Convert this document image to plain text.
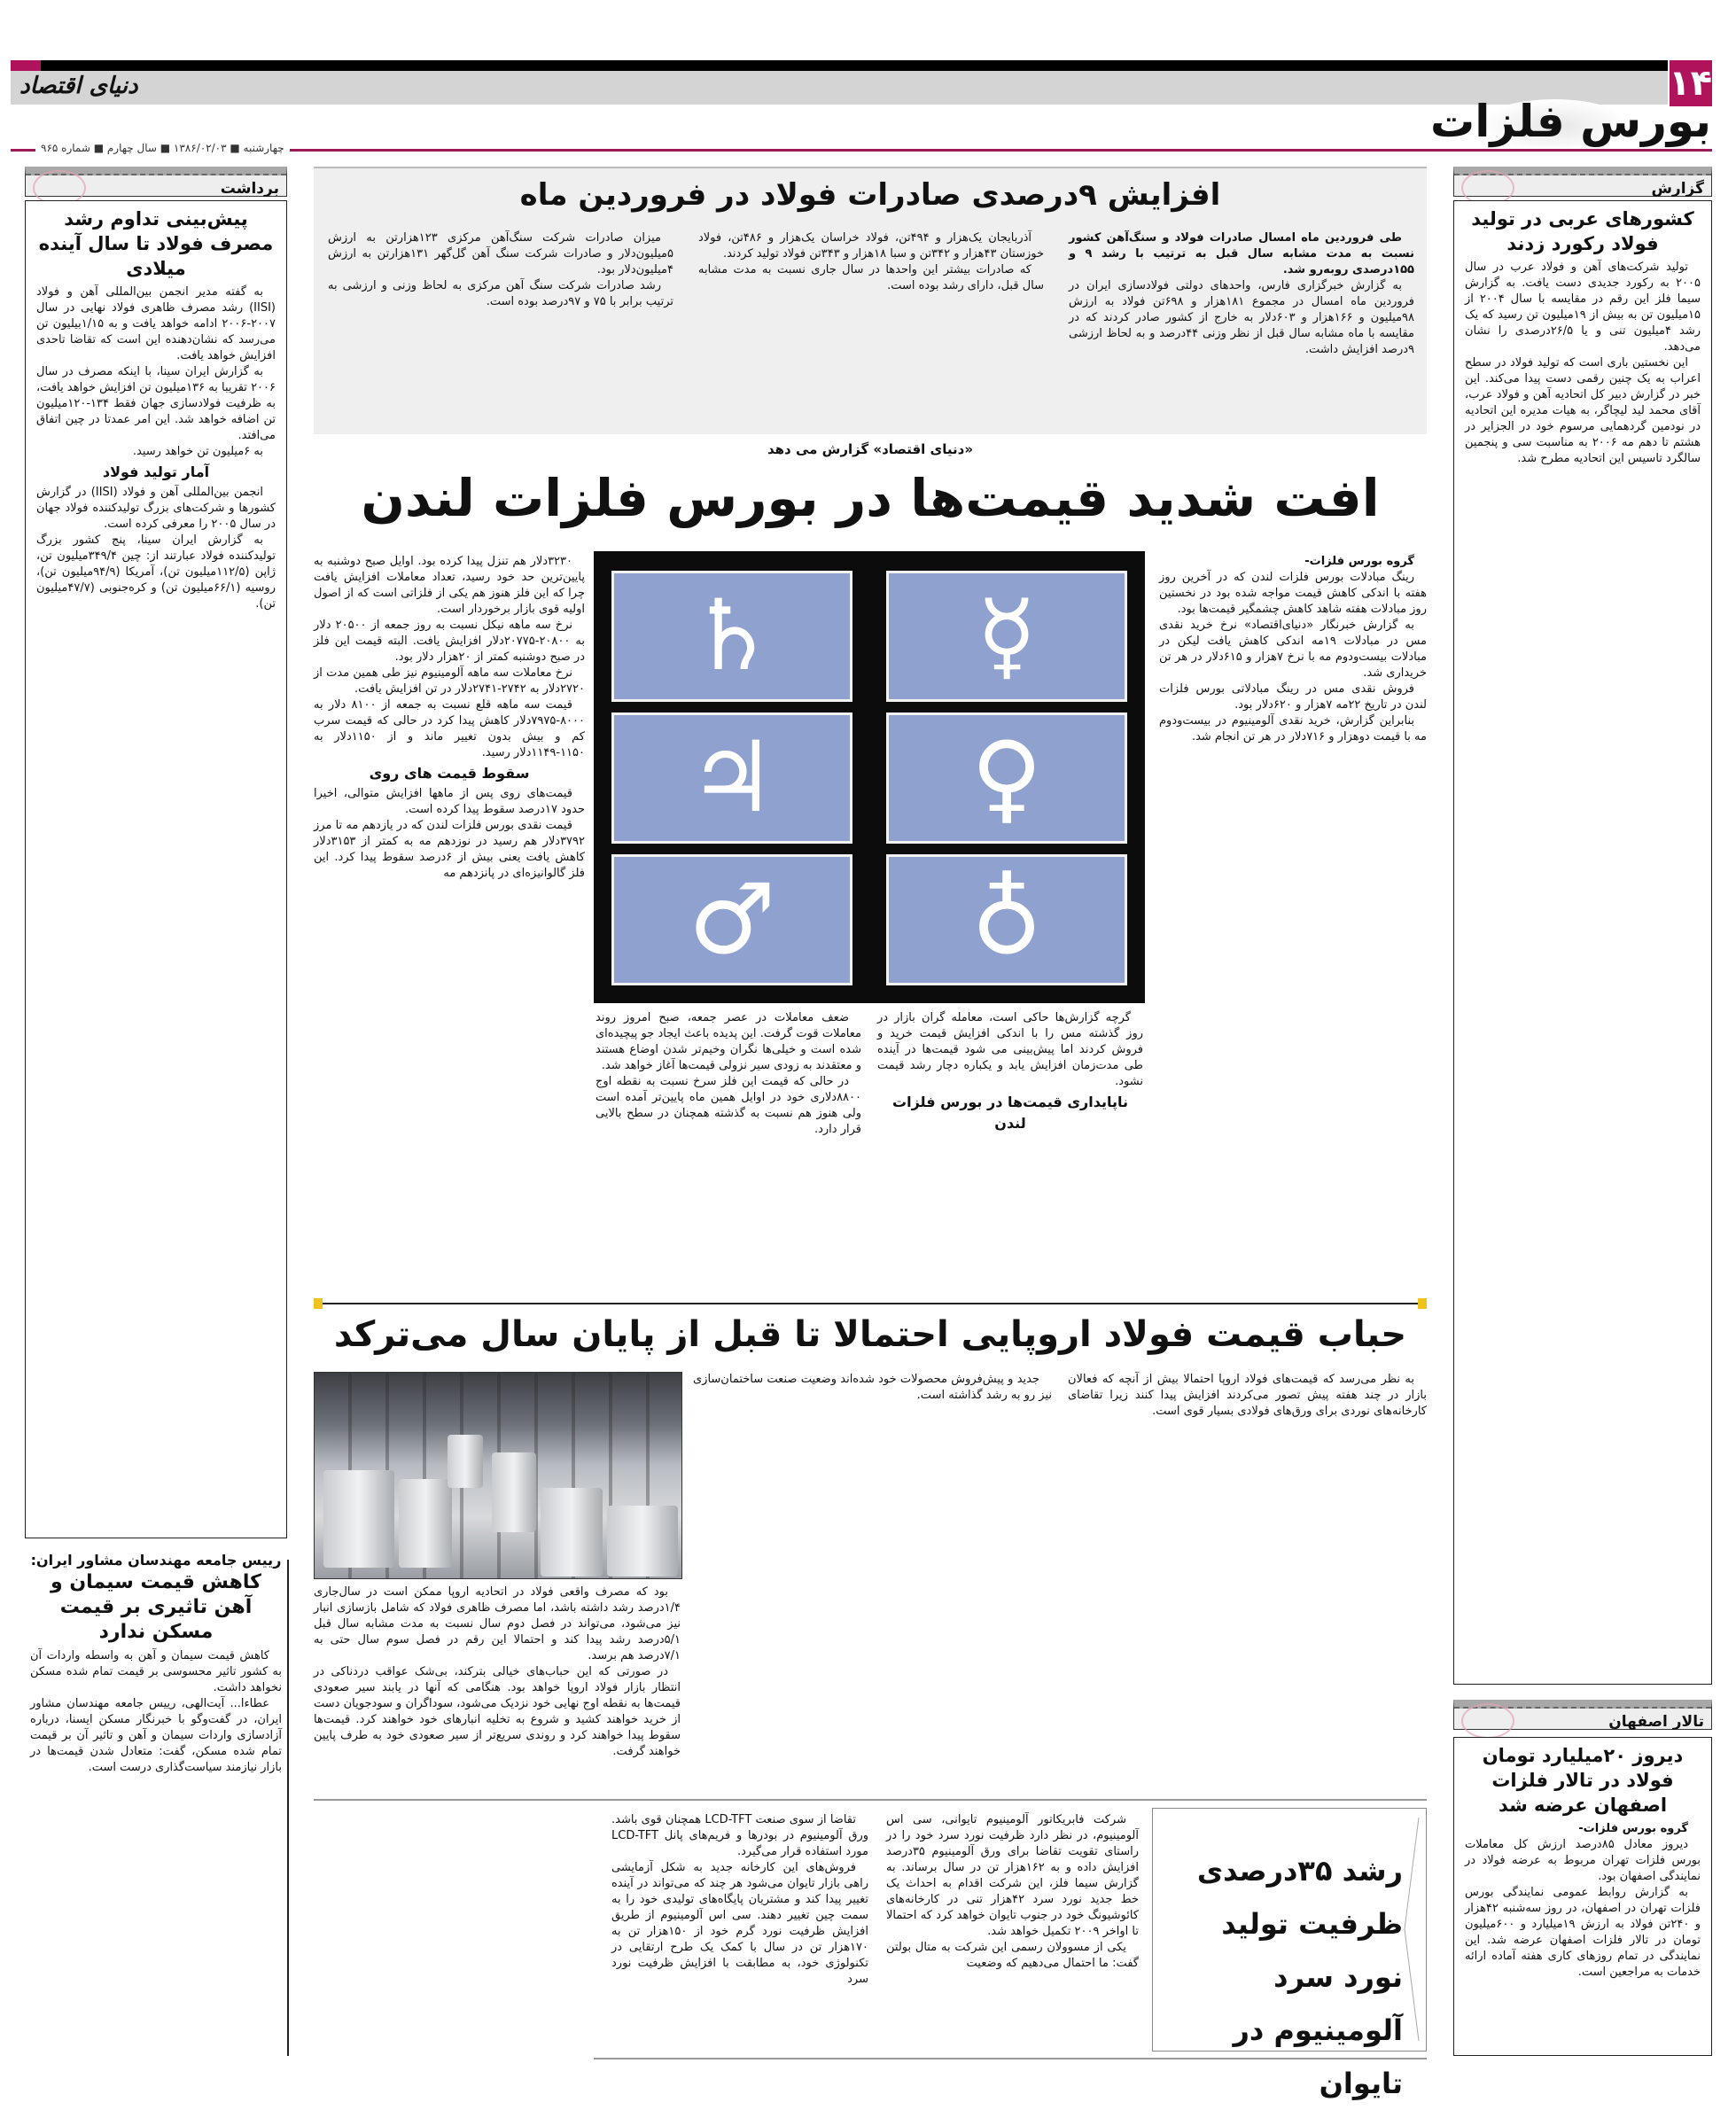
دنیای اقتصاد	۱۴
بورس فلزات
چهارشنبه ■ ۱۳۸۶/۰۲/۰۳ ■ سال چهارم ■ شماره ۹۶۵
گزارش
کشورهای عربی در تولید فولاد رکورد زدند

تولید شرکت‌های آهن و فولاد عرب در سال ۲۰۰۵ به رکورد جدیدی دست یافت. به گزارش سیما فلز این رقم در مقایسه با سال ۲۰۰۴ از ۱۵میلیون تن به بیش از ۱۹میلیون تن رسید که یک رشد ۴میلیون تنی و یا ۲۶/۵درصدی را نشان می‌دهد.

این نخستین باری است که تولید فولاد در سطح اعراب به یک چنین رقمی دست پیدا می‌کند. این خبر در گزارش دبیر کل اتحادیه آهن و فولاد عرب، آقای محمد لید لیچاگر، به هیات مدیره این اتحادیه در نودمین گردهمایی مرسوم خود در الجزایر در هشتم تا دهم مه ۲۰۰۶ به مناسبت سی و پنجمین سالگرد تاسیس این اتحادیه مطرح شد.

تالار اصفهان
دیروز ۲۰میلیارد تومان فولاد در تالار فلزات اصفهان عرضه شد

گروه بورس فلزات-

دیروز معادل ۸۵درصد ارزش کل معاملات بورس فلزات تهران مربوط به عرضه فولاد در نمایندگی اصفهان بود.

به گزارش روابط عمومی نمایندگی بورس فلزات تهران در اصفهان، در روز سه‌شنبه ۴۲هزار و ۲۴۰تن فولاد به ارزش ۱۹میلیارد و ۶۰۰میلیون تومان در تالار فلزات اصفهان عرضه شد. این نمایندگی در تمام روزهای کاری هفته آماده ارائه خدمات به مراجعین است.

برداشت
پیش‌بینی تداوم رشد مصرف فولاد تا سال آینده میلادی

به گفته مدیر انجمن بین‌المللی آهن و فولاد (IISI) رشد مصرف ظاهری فولاد نهایی در سال ۲۰۰۷-۲۰۰۶ ادامه خواهد یافت و به ۱/۱۵بیلیون تن می‌رسد که نشان‌دهنده این است که تقاضا تاحدی افزایش خواهد یافت.

به گزارش ایران سینا، با اینکه مصرف در سال ۲۰۰۶ تقریبا به ۱۳۶میلیون تن افزایش خواهد یافت، به ظرفیت فولادسازی جهان فقط ۱۳۴-۱۲۰میلیون تن اضافه خواهد شد. این امر عمدتا در چین اتفاق می‌افتد.

به ۶میلیون تن خواهد رسید.

آمار تولید فولاد

انجمن بین‌المللی آهن و فولاد (IISI) در گزارش کشورها و شرکت‌های بزرگ تولیدکننده فولاد جهان در سال ۲۰۰۵ را معرفی کرده است.

به گزارش ایران سینا، پنج کشور بزرگ تولیدکننده فولاد عبارتند از: چین ۳۴۹/۴میلیون تن، ژاپن (۱۱۲/۵میلیون تن)، آمریکا (۹۴/۹میلیون تن)، روسیه (۶۶/۱میلیون تن) و کره‌جنوبی (۴۷/۷میلیون تن).

رییس جامعه مهندسان مشاور ایران:
کاهش قیمت سیمان و آهن تاثیری بر قیمت مسکن ندارد

کاهش قیمت سیمان و آهن به واسطه واردات آن به کشور تاثیر محسوسی بر قیمت تمام شده مسکن نخواهد داشت.

عطاءا... آیت‌الهی، رییس جامعه مهندسان مشاور ایران، در گفت‌وگو با خبرنگار مسکن ایسنا، درباره آزادسازی واردات سیمان و آهن و تاثیر آن بر قیمت تمام شده مسکن، گفت: متعادل شدن قیمت‌ها در بازار نیازمند سیاست‌گذاری درست است.

افزایش ۹درصدی صادرات فولاد در فروردین ماه

طی فروردین ماه امسال صادرات فولاد و سنگ‌آهن کشور نسبت به مدت مشابه سال قبل به ترتیب با رشد ۹ و ۱۵۵درصدی روبه‌رو شد.

به گزارش خبرگزاری فارس، واحدهای دولتی فولادسازی ایران در فروردین ماه امسال در مجموع ۱۸۱هزار و ۶۹۸تن فولاد به ارزش ۹۸میلیون و ۱۶۶هزار و ۶۰۳دلار به خارج از کشور صادر کردند که در مقایسه با ماه مشابه سال قبل از نظر وزنی ۴۴درصد و به لحاظ ارزشی ۹درصد افزایش داشت.

آذربایجان یک‌هزار و ۴۹۴تن، فولاد خراسان یک‌هزار و ۴۸۶تن، فولاد خوزستان ۴۳هزار و ۳۴۲تن و سبا ۱۸هزار و ۳۴۳تن فولاد تولید کردند.

که صادرات بیشتر این واحدها در سال جاری نسبت به مدت مشابه سال قبل، دارای رشد بوده است.

میزان صادرات شرکت سنگ‌آهن مرکزی ۱۲۳هزارتن به ارزش ۵میلیون‌دلار و صادرات شرکت سنگ آهن گل‌گهر ۱۳۱هزارتن به ارزش ۴میلیون‌دلار بود.

رشد صادرات شرکت سنگ آهن مرکزی به لحاظ وزنی و ارزشی به ترتیب برابر با ۷۵ و ۹۷درصد بوده است.

«دنیای اقتصاد» گزارش می دهد
افت شدید قیمت‌ها در بورس فلزات لندن

گروه بورس فلزات-

رینگ مبادلات بورس فلزات لندن که در آخرین روز هفته با اندکی کاهش قیمت مواجه شده بود در نخستین روز مبادلات هفته شاهد کاهش چشمگیر قیمت‌ها بود.

به گزارش خبرنگار «دنیای‌اقتصاد» نرخ خرید نقدی مس در مبادلات ۱۹مه اندکی کاهش یافت لیکن در مبادلات بیست‌ودوم مه با نرخ ۷هزار و ۶۱۵دلار در هر تن خریداری شد.

فروش نقدی مس در رینگ مبادلاتی بورس فلزات لندن در تاریخ ۲۲مه ۷هزار و ۶۲۰دلار بود.

بنابراین گزارش، خرید نقدی آلومینیوم در بیست‌ودوم مه با قیمت دوهزار و ۷۱۶دلار در هر تن انجام شد.

♄	☿
♃	♀
♂	♁

۳۲۳۰دلار هم تنزل پیدا کرده بود. اوایل صبح دوشنبه به پایین‌ترین حد خود رسید، تعداد معاملات افزایش یافت چرا که این فلز هنوز هم یکی از فلزاتی است که از اصول اولیه قوی بازار برخوردار است.

نرخ سه ماهه نیکل نسبت به روز جمعه از ۲۰۵۰۰ دلار به ۲۰۸۰۰-۲۰۷۷۵دلار افزایش یافت. البته قیمت این فلز در صبح دوشنبه کمتر از ۲۰هزار دلار بود.

نرخ معاملات سه ماهه آلومینیوم نیز طی همین مدت از ۲۷۲۰دلار به ۲۷۴۲-۲۷۴۱دلار در تن افزایش یافت.

قیمت سه ماهه قلع نسبت به جمعه از ۸۱۰۰ دلار به ۸۰۰۰-۷۹۷۵دلار کاهش پیدا کرد در حالی که قیمت سرب کم و بیش بدون تغییر ماند و از ۱۱۵۰دلار به ۱۱۵۰-۱۱۴۹دلار رسید.

سقوط قیمت های روی

قیمت‌های روی پس از ماهها افزایش متوالی، اخیرا حدود ۱۷درصد سقوط پیدا کرده است.

قیمت نقدی بورس فلزات لندن که در یازدهم مه تا مرز ۳۷۹۲دلار هم رسید در نوزدهم مه به کمتر از ۳۱۵۳دلار کاهش یافت یعنی بیش از ۶درصد سقوط پیدا کرد. این فلز گالوانیزه‌ای در پانزدهم مه

گرچه گزارش‌ها حاکی است، معامله گران بازار در روز گذشته مس را با اندکی افزایش قیمت خرید و فروش کردند اما پیش‌بینی می شود قیمت‌ها در آینده طی مدت‌زمان افزایش یابد و یکباره دچار رشد قیمت نشود.

ناپایداری قیمت‌ها در بورس فلزات لندن

ضعف معاملات در عصر جمعه، صبح امروز روند معاملات قوت گرفت. این پدیده باعث ایجاد جو پیچیده‌ای شده است و خیلی‌ها نگران وخیم‌تر شدن اوضاع هستند و معتقدند به زودی سیر نزولی قیمت‌ها آغاز خواهد شد.

در حالی که قیمت این فلز سرخ نسبت به نقطه اوج ۸۸۰۰دلاری خود در اوایل همین ماه پایین‌تر آمده است ولی هنوز هم نسبت به گذشته همچنان در سطح بالایی قرار دارد.

حباب قیمت فولاد اروپایی احتمالا تا قبل از پایان سال می‌ترکد

به نظر می‌رسد که قیمت‌های فولاد اروپا احتمالا بیش از آنچه که فعالان بازار در چند هفته پیش تصور می‌کردند افزایش پیدا کنند زیرا تقاضای کارخانه‌های نوردی برای ورق‌های فولادی بسیار قوی است.

جدید و پیش‌فروش محصولات خود شده‌اند وضعیت صنعت ساختمان‌سازی نیز رو به رشد گذاشته است.

بود که مصرف واقعی فولاد در اتحادیه اروپا ممکن است در سال‌جاری ۱/۴درصد رشد داشته باشد، اما مصرف ظاهری فولاد که شامل بازسازی انبار نیز می‌شود، می‌تواند در فصل دوم سال نسبت به مدت مشابه سال قبل ۵/۱درصد رشد پیدا کند و احتمالا این رقم در فصل سوم سال حتی به ۷/۱درصد هم برسد.

در صورتی که این حباب‌های خیالی بترکند، بی‌شک عواقب دردناکی در انتظار بازار فولاد اروپا خواهد بود. هنگامی که آنها در یابند سیر صعودی قیمت‌ها به نقطه اوج نهایی خود نزدیک می‌شود، سوداگران و سودجویان دست از خرید خواهند کشید و شروع به تخلیه انبارهای خود خواهند کرد. قیمت‌ها سقوط پیدا خواهند کرد و روندی سریع‌تر از سیر صعودی خود به طرف پایین خواهند گرفت.

رشد ۳۵درصدی ظرفیت تولید نورد سرد آلومینیوم در تایوان

شرکت فابریکاتور آلومینیوم تایوانی، سی اس آلومینیوم، در نظر دارد ظرفیت نورد سرد خود را در راستای تقویت تقاضا برای ورق آلومینیوم ۳۵درصد افزایش داده و به ۱۶۲هزار تن در سال برساند. به گزارش سیما فلز، این شرکت اقدام به احداث یک خط جدید نورد سرد ۴۲هزار تنی در کارخانه‌های کائوشیونگ خود در جنوب تایوان خواهد کرد که احتمالا تا اواخر ۲۰۰۹ تکمیل خواهد شد.

یکی از مسوولان رسمی این شرکت به متال بولتن گفت: ما احتمال می‌دهیم که وضعیت

تقاضا از سوی صنعت LCD-TFT همچنان قوی باشد. ورق آلومینیوم در بودرها و فریم‌های پانل LCD-TFT مورد استفاده قرار می‌گیرد.

فروش‌های این کارخانه جدید به شکل آزمایشی راهی بازار تایوان می‌شود هر چند که می‌تواند در آینده تغییر پیدا کند و مشتریان پایگاه‌های تولیدی خود را به سمت چین تغییر دهند. سی اس آلومینیوم از طریق افزایش ظرفیت نورد گرم خود از ۱۵۰هزار تن به ۱۷۰هزار تن در سال با کمک یک طرح ارتقایی در تکنولوژی خود، به مطابقت با افزایش ظرفیت نورد سرد
